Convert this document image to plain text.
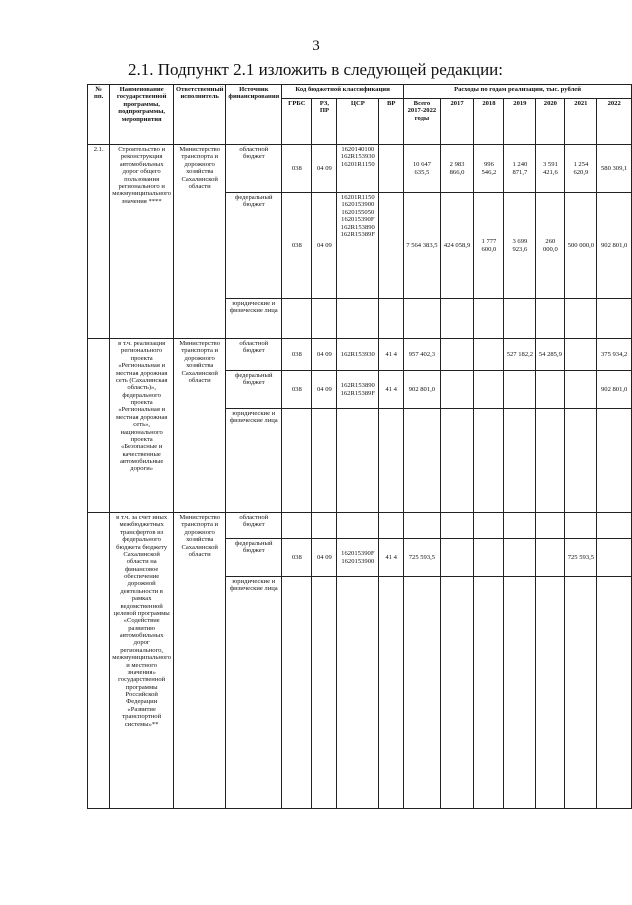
3
2.1. Подпункт 2.1 изложить в следующей редакции:
№ пп.	Наименование государственной программы, подпрограммы, мероприятия	Ответственный исполнитель	Источник финансирования	Код бюджетной классификации				Расходы по годам реализации, тыс. рублей						
				ГРБС	РЗ, ПР	ЦСР	ВР	Всего 2017-2022 годы	2017	2018	2019	2020	2021	2022
2.1.	Строительство и реконструкция автомобильных дорог общего пользования регионального и межмуниципального значения ****	Министерство транспорта и дорожного хозяйства Сахалинской области	областной бюджет	038	04 09	1620140100 162R153930 16201R1150		10 647 635,5	2 983 866,0	996 546,2	1 240 871,7	3 591 421,6	1 254 620,9	580 309,1
			федеральный бюджет	038	04 09	16201R1150 1620153900 1620155050 162015390F 162R153890 162R15389F		7 564 383,5	424 058,9	1 777 600,0	3 699 923,6	260 000,0	500 000,0	902 801,0
			юридические и физические лица											
	в т.ч. реализация регионального проекта «Региональная и местная дорожная сеть (Сахалинская область)», федерального проекта «Региональная и местная дорожная сеть», национального проекта «Безопасные и качественные автомобильные дороги»	Министерство транспорта и дорожного хозяйства Сахалинской области	областной бюджет	038	04 09	162R153930	41 4	957 402,3			527 182,2	54 285,9		375 934,2
			федеральный бюджет	038	04 09	162R153890 162R15389F	41 4	902 801,0						902 801,0
			юридические и физические лица											
	в т.ч. за счет иных межбюджетных трансфертов из федерального бюджета бюджету Сахалинской области на финансовое обеспечение дорожной деятельности в рамках ведомственной целевой программы «Содействие развитию автомобильных дорог регионального, межмуниципального и местного значения» государственной программы Российской Федерации «Развитие транспортной системы»**	Министерство транспорта и дорожного хозяйства Сахалинской области	областной бюджет											
			федеральный бюджет	038	04 09	162015390F 1620153900	41 4	725 593,5					725 593,5	
			юридические и физические лица											
